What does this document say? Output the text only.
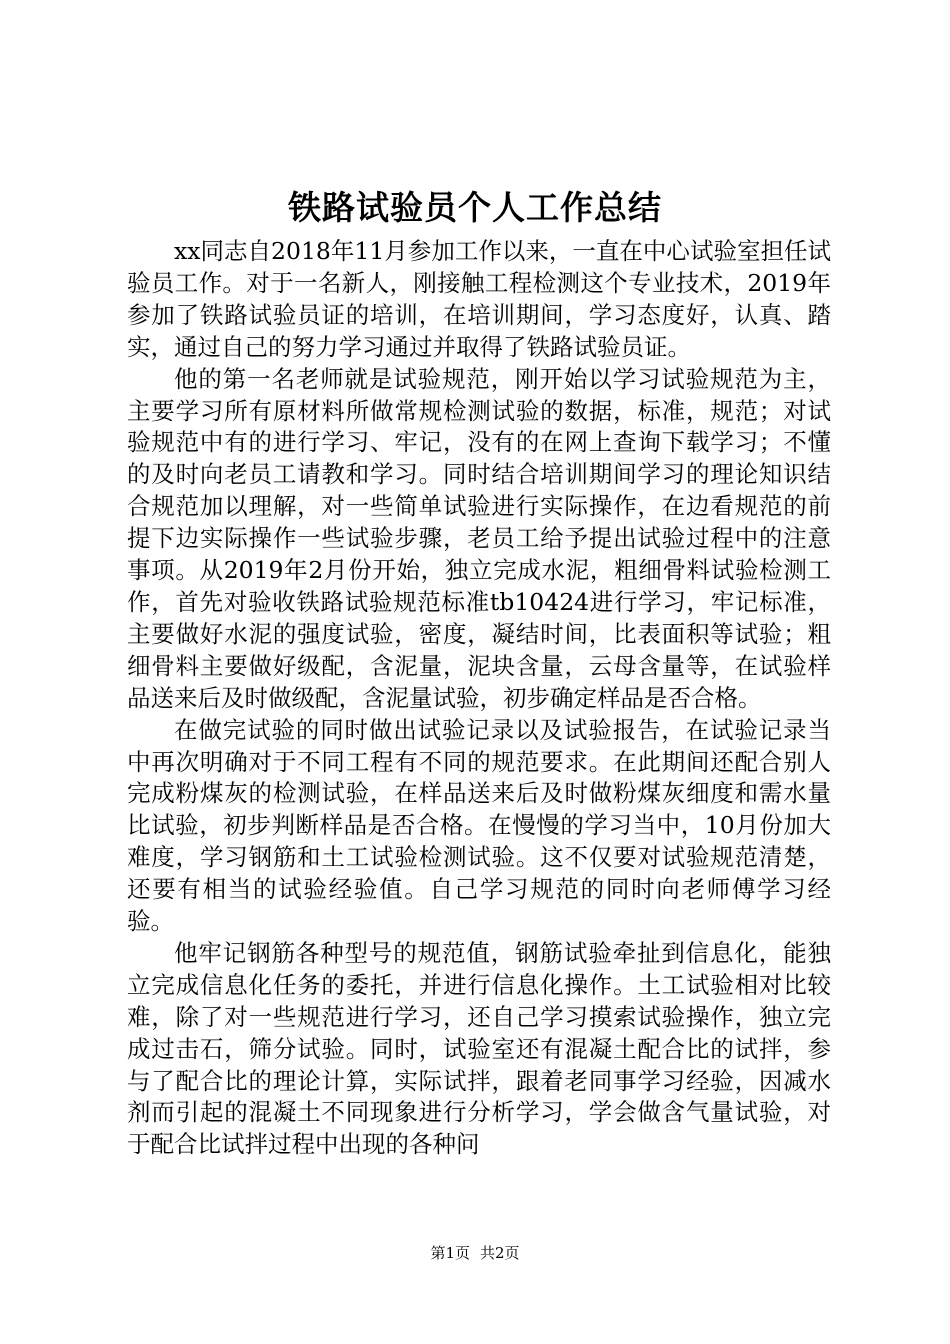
铁路试验员个人工作总结

xx同志自2018年11月参加工作以来，一直在中心试验室担任试验员工作。对于一名新人，刚接触工程检测这个专业技术，2019年参加了铁路试验员证的培训，在培训期间，学习态度好，认真、踏实，通过自己的努力学习通过并取得了铁路试验员证。

他的第一名老师就是试验规范，刚开始以学习试验规范为主，主要学习所有原材料所做常规检测试验的数据，标准，规范；对试验规范中有的进行学习、牢记，没有的在网上查询下载学习；不懂的及时向老员工请教和学习。同时结合培训期间学习的理论知识结合规范加以理解，对一些简单试验进行实际操作，在边看规范的前提下边实际操作一些试验步骤，老员工给予提出试验过程中的注意事项。从2019年2月份开始，独立完成水泥，粗细骨料试验检测工作，首先对验收铁路试验规范标准tb10424进行学习，牢记标准，主要做好水泥的强度试验，密度，凝结时间，比表面积等试验；粗细骨料主要做好级配，含泥量，泥块含量，云母含量等，在试验样品送来后及时做级配，含泥量试验，初步确定样品是否合格。

在做完试验的同时做出试验记录以及试验报告，在试验记录当中再次明确对于不同工程有不同的规范要求。在此期间还配合别人完成粉煤灰的检测试验，在样品送来后及时做粉煤灰细度和需水量比试验，初步判断样品是否合格。在慢慢的学习当中，10月份加大难度，学习钢筋和土工试验检测试验。这不仅要对试验规范清楚，还要有相当的试验经验值。自己学习规范的同时向老师傅学习经验。

他牢记钢筋各种型号的规范值，钢筋试验牵扯到信息化，能独立完成信息化任务的委托，并进行信息化操作。土工试验相对比较难，除了对一些规范进行学习，还自己学习摸索试验操作，独立完成过击石，筛分试验。同时，试验室还有混凝土配合比的试拌，参与了配合比的理论计算，实际试拌，跟着老同事学习经验，因减水剂而引起的混凝土不同现象进行分析学习，学会做含气量试验，对于配合比试拌过程中出现的各种问

第1页 共2页
